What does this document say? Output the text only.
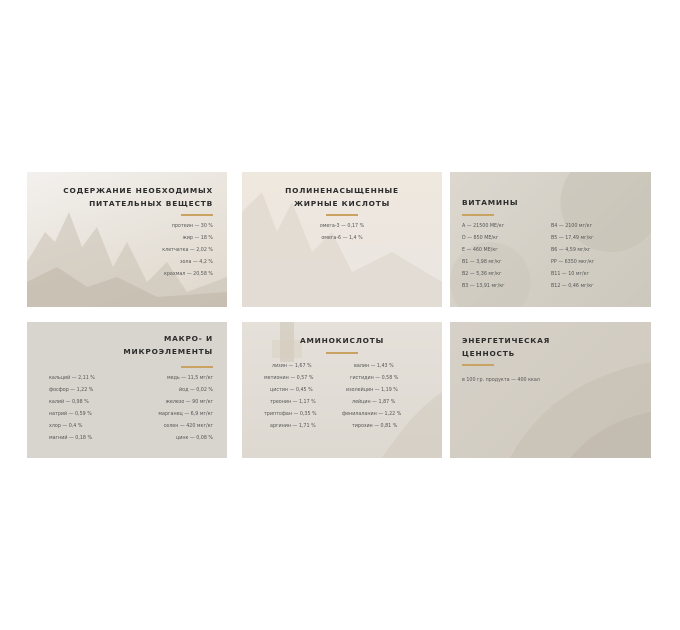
СОДЕРЖАНИЕ НЕОБХОДИМЫХ
ПИТАТЕЛЬНЫХ ВЕЩЕСТВ
протеин — 30 %
жир — 18 %
клетчатка — 2,02 %
зола — 4,2 %
крахмал — 20,58 %
ПОЛИНЕНАСЫЩЕННЫЕ
ЖИРНЫЕ КИСЛОТЫ
омега-3 — 0,17 %
омега-6 — 1,4 %
ВИТАМИНЫ
A — 21500 МЕ/кг
D — 850 МЕ/кг
E — 460 МЕ/кг
B1 — 3,98 мг/кг
B2 — 5,36 мг/кг
B3 — 13,91 мг/кг
B4 — 2100 мг/кг
B5 — 17,49 мг/кг
B6 — 4,59 мг/кг
PP — 6350 мкг/кг
B11 — 10 мг/кг
B12 — 0,46 мг/кг
МАКРО- И
МИКРОЭЛЕМЕНТЫ
кальций — 2,11 %
фосфор — 1,22 %
калий — 0,98 %
натрий — 0,59 %
хлор — 0,4 %
магний — 0,18 %
медь — 11,5 мг/кг
йод — 0,02 %
железо — 90 мг/кг
марганец — 6,9 мг/кг
селен — 420 мкг/кг
цинк — 0,08 %
АМИНОКИСЛОТЫ
лизин — 1,67 %
метионин — 0,57 %
цистин — 0,45 %
треонин — 1,17 %
триптофан — 0,35 %
аргинин — 1,71 %
валин — 1,43 %
гистидин — 0,58 %
изолейцин — 1,19 %
лейцин — 1,87 %
фенилаланин — 1,22 %
тирозин — 0,81 %
ЭНЕРГЕТИЧЕСКАЯ
ЦЕННОСТЬ
в 100 гр. продукта — 400 ккал
